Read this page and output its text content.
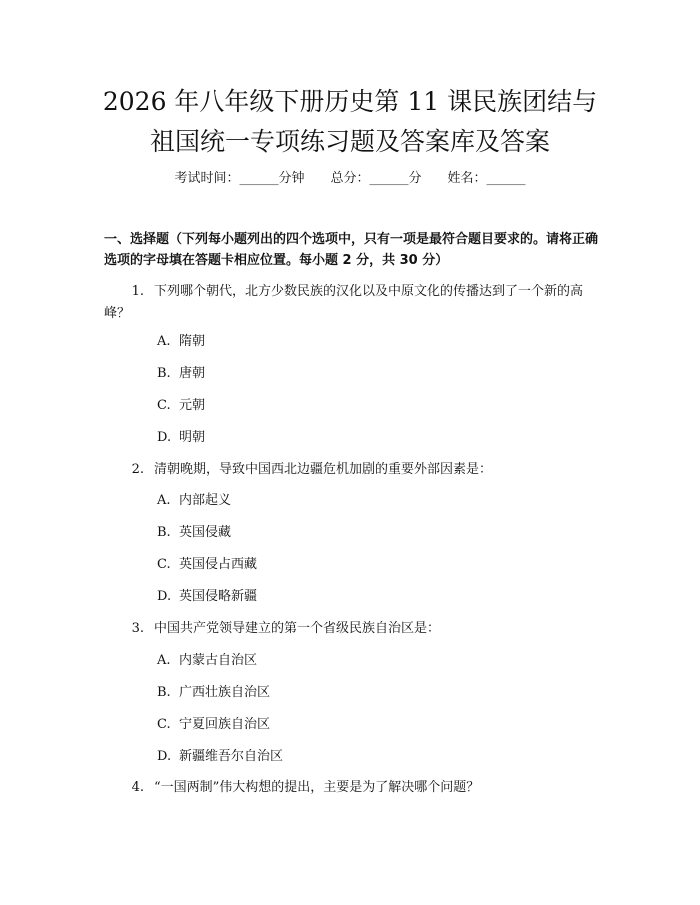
2026 年八年级下册历史第 11 课民族团结与
祖国统一专项练习题及答案库及答案
考试时间：______分钟 总分：______分 姓名：______

一、选择题（下列每小题列出的四个选项中，只有一项是最符合题目要求的。请将正确选项的字母填在答题卡相应位置。每小题 2 分，共 30 分）

1. 下列哪个朝代，北方少数民族的汉化以及中原文化的传播达到了一个新的高峰？
A. 隋朝
B. 唐朝
C. 元朝
D. 明朝
2. 清朝晚期，导致中国西北边疆危机加剧的重要外部因素是：
A. 内部起义
B. 英国侵藏
C. 英国侵占西藏
D. 英国侵略新疆
3. 中国共产党领导建立的第一个省级民族自治区是：
A. 内蒙古自治区
B. 广西壮族自治区
C. 宁夏回族自治区
D. 新疆维吾尔自治区
4. “一国两制”伟大构想的提出，主要是为了解决哪个问题？
